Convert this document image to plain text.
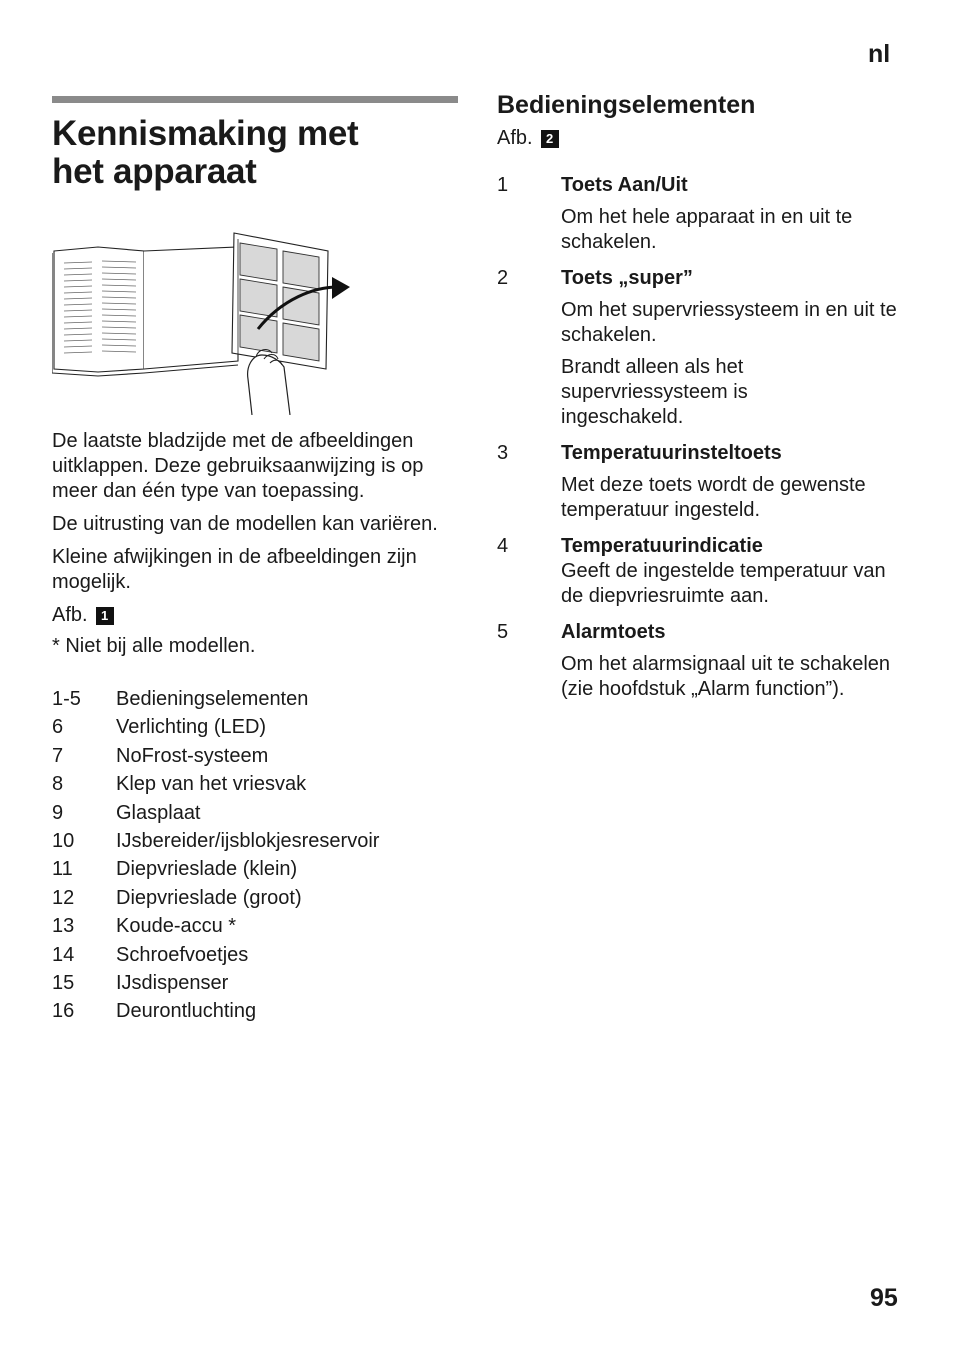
nl
Kennismaking met
het apparaat

De laatste bladzijde met de afbeeldingen uitklappen. Deze gebruiksaanwijzing is op meer dan één type van toepassing.

De uitrusting van de modellen kan variëren.

Kleine afwijkingen in de afbeeldingen zijn mogelijk.

Afb.	1

* Niet bij alle modellen.

1-5	Bedieningselementen
6	Verlichting (LED)
7	NoFrost-systeem
8	Klep van het vriesvak
9	Glasplaat
10	IJsbereider/ijsblokjesreservoir
11	Diepvrieslade (klein)
12	Diepvrieslade (groot)
13	Koude-accu *
14	Schroefvoetjes
15	IJsdispenser
16	Deurontluchting
Bedieningselementen
Afb.	2
1	Toets Aan/Uit

Om het hele apparaat in en uit te schakelen.

2	Toets „super”

Om het supervriessysteem in en uit te schakelen.

Brandt alleen als het supervriessysteem is ingeschakeld.

3	Temperatuurinsteltoets

Met deze toets wordt de gewenste temperatuur ingesteld.

4	Temperatuurindicatie

Geeft de ingestelde temperatuur van de diepvriesruimte aan.

5	Alarmtoets

Om het alarmsignaal uit te schakelen (zie hoofdstuk „Alarm function”).

95
